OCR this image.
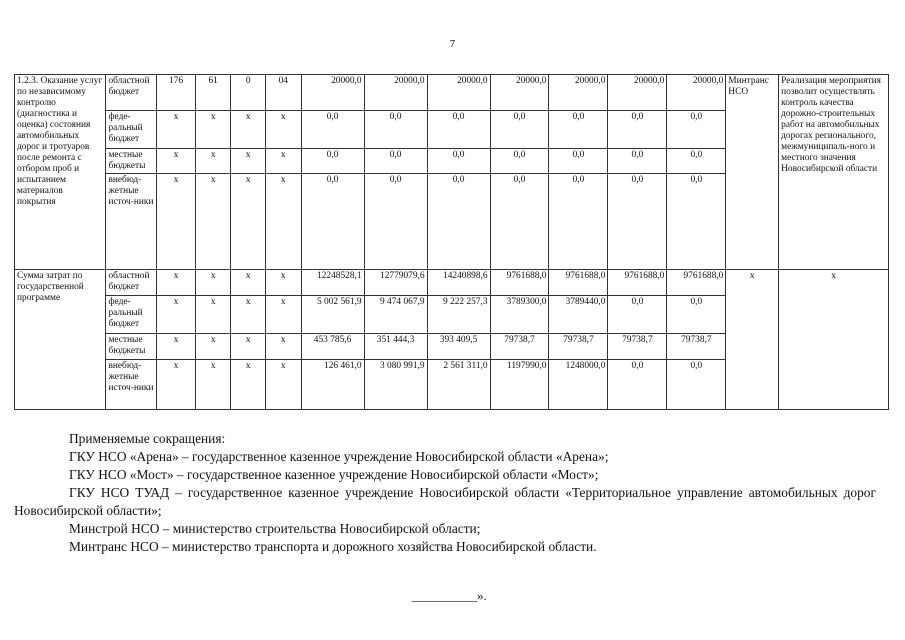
7
1.2.3. Оказание услуг по независимому контролю (диагностика и оценка) состояния автомобильных дорог и тротуаров после ремонта с отбором проб и испытанием материалов покрытия	областной бюджет	176	61	0	04	20000,0	20000,0	20000,0	20000,0	20000,0	20000,0	20000,0	Минтранс НСО	Реализация мероприятия позволит осуществлять контроль качества дорожно-строительных работ на автомобильных дорогах регионального, межмуниципаль-ного и местного значения Новосибирской области
	феде-ральный бюджет	х	х	х	х	0,0	0,0	0,0	0,0	0,0	0,0	0,0		
	местные бюджеты	х	х	х	х	0,0	0,0	0,0	0,0	0,0	0,0	0,0		
	внебюд-жетные источ-ники	х	х	х	х	0,0	0,0	0,0	0,0	0,0	0,0	0,0		
Сумма затрат по государственной программе	областной бюджет	х	х	х	х	12248528,1	12779079,6	14240898,6	9761688,0	9761688,0	9761688,0	9761688,0	х	х
	феде-ральный бюджет	х	х	х	х	5 002 561,9	9 474 067,9	9 222 257,3	3789300,0	3789440,0	0,0	0,0		
	местные бюджеты	х	х	х	х	453 785,6	351 444,3	393 409,5	79738,7	79738,7	79738,7	79738,7		
	внебюд-жетные источ-ники	х	х	х	х	126 461,0	3 080 991,9	2 561 311,0	1197990,0	1248000,0	0,0	0,0		

Применяемые сокращения:

ГКУ НСО «Арена» – государственное казенное учреждение Новосибирской области «Арена»;

ГКУ НСО «Мост» – государственное казенное учреждение Новосибирской области «Мост»;

ГКУ НСО ТУАД – государственное казенное учреждение Новосибирской области «Территориальное управление автомобильных дорог Новосибирской области»;

Минстрой НСО – министерство строительства Новосибирской области;

Минтранс НСО – министерство транспорта и дорожного хозяйства Новосибирской области.

__________».
